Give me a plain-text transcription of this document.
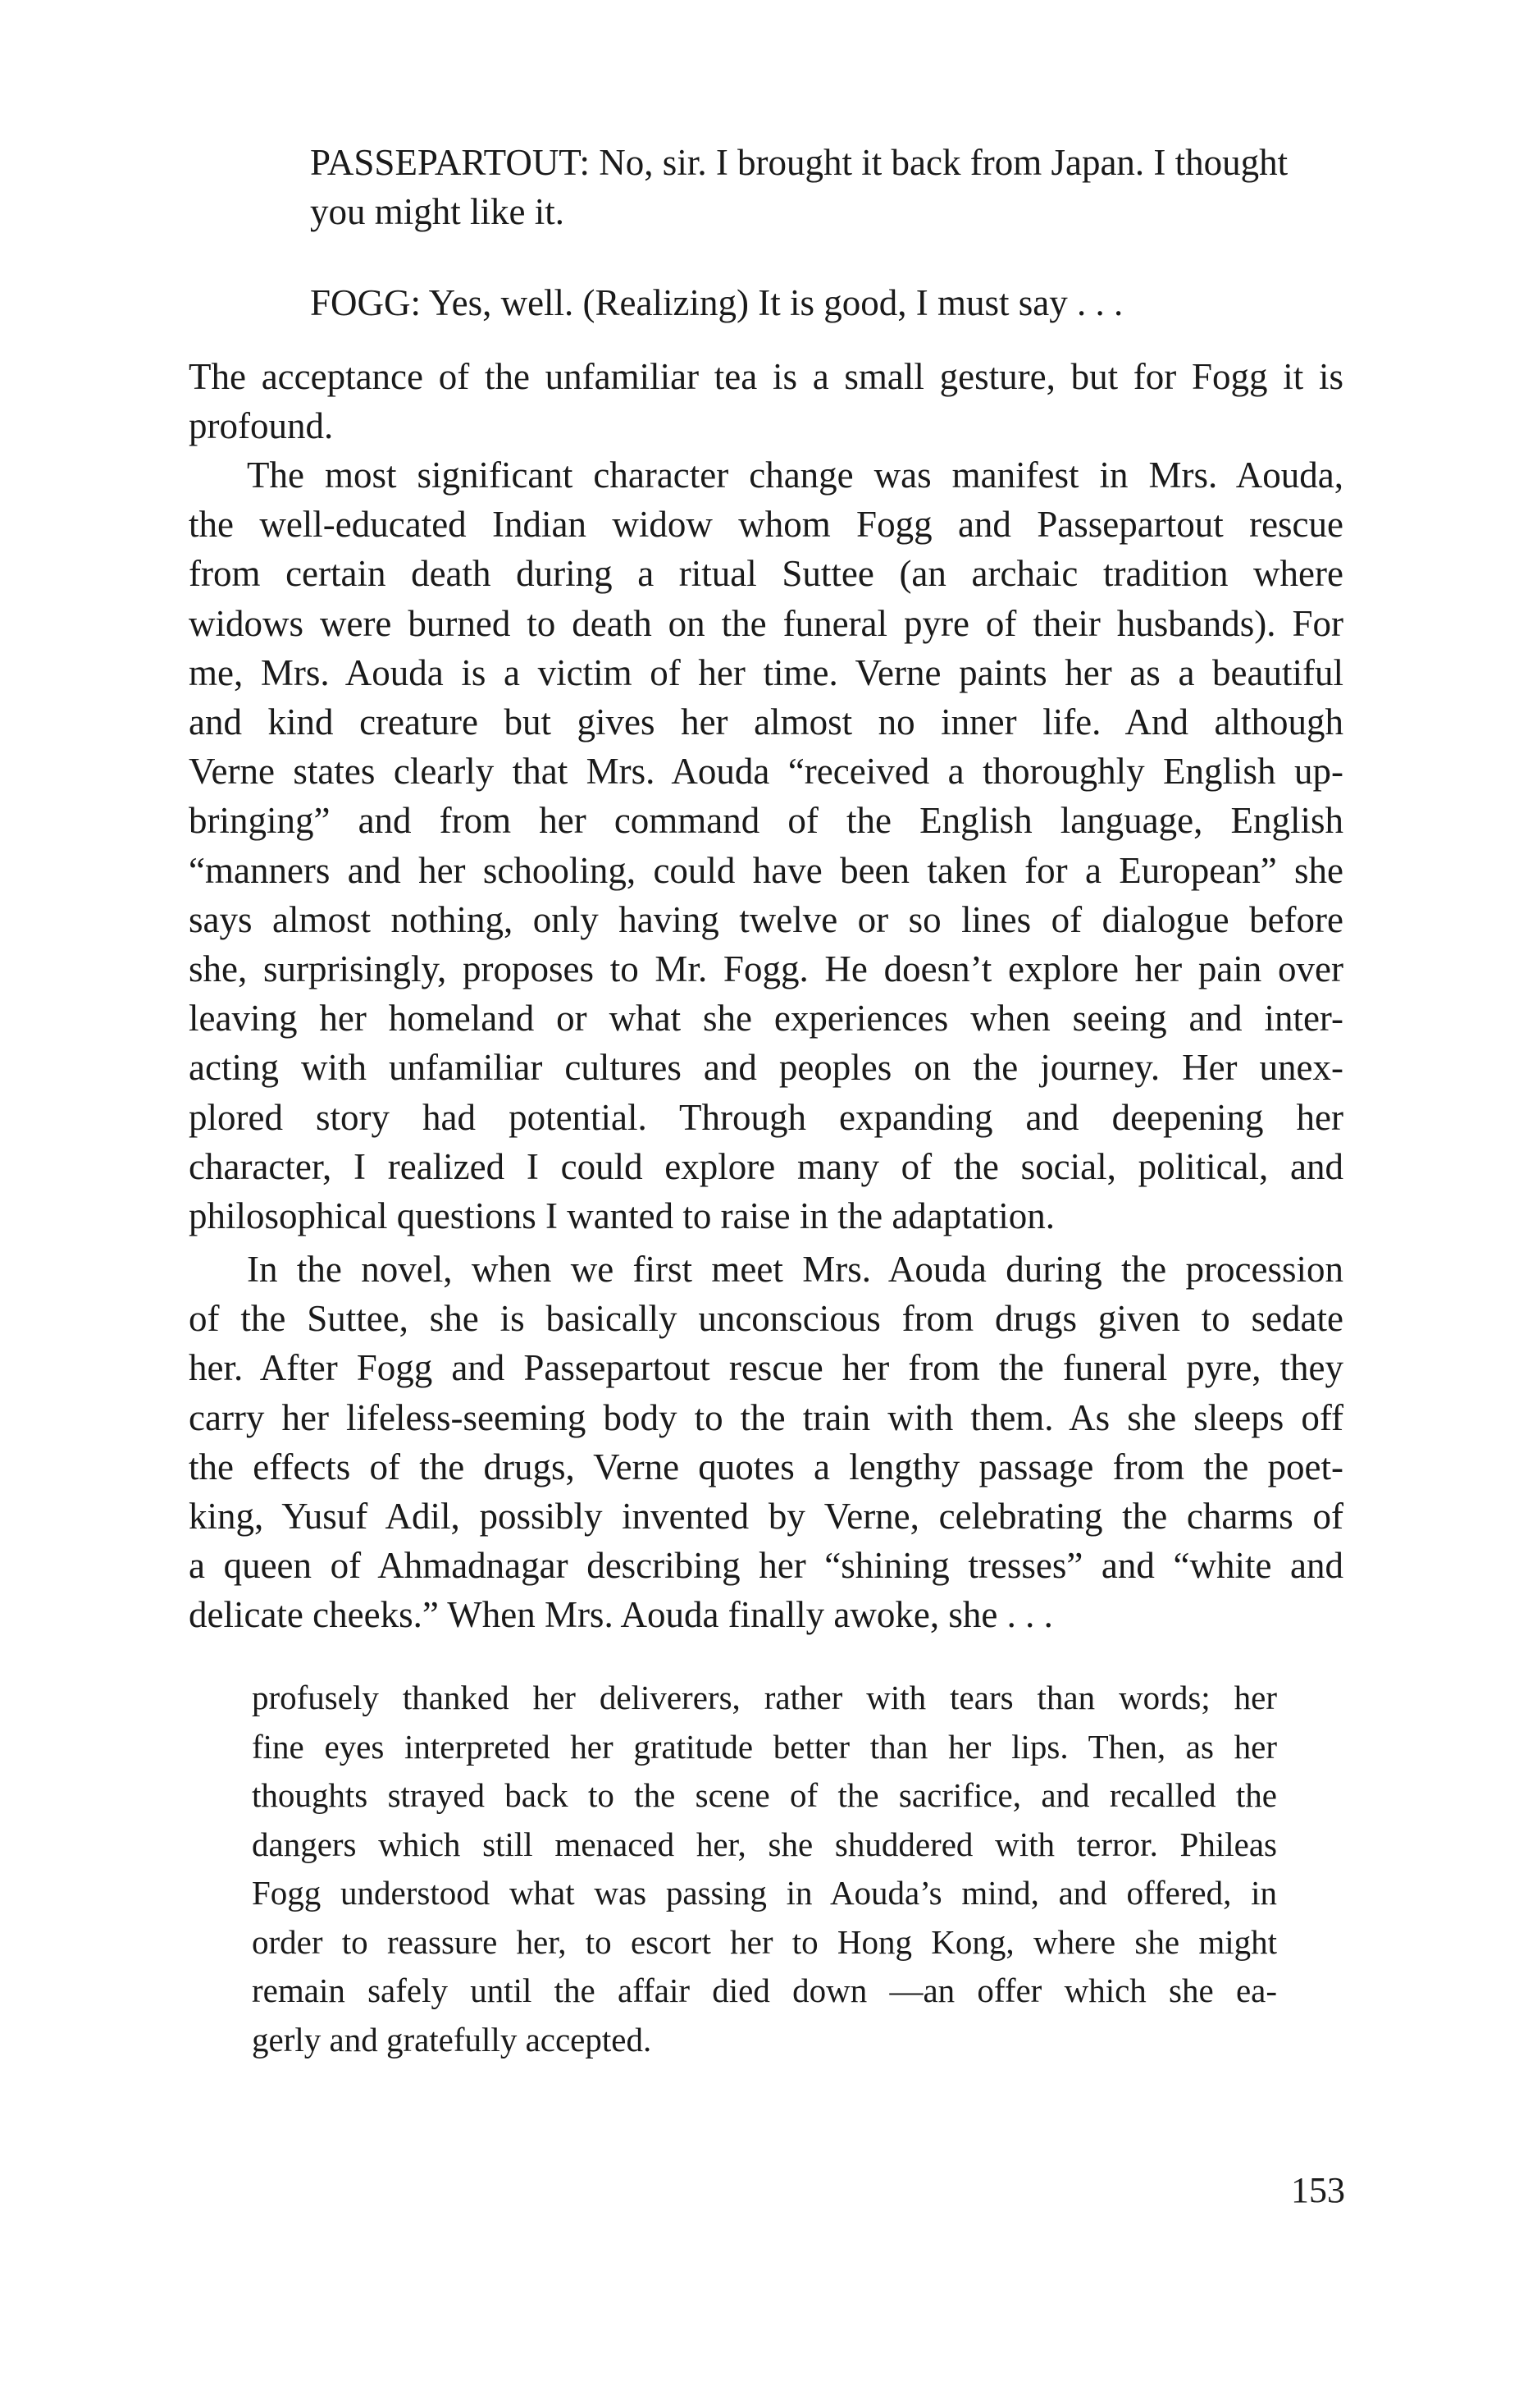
PASSEPARTOUT: No, sir. I brought it back from Japan. I thought
you might like it.
FOGG: Yes, well. (Realizing) It is good, I must say . . .
The acceptance of the unfamiliar tea is a small gesture, but for Fogg it is
profound.
The most significant character change was manifest in Mrs. Aouda,
the well-educated Indian widow whom Fogg and Passepartout rescue
from certain death during a ritual Suttee (an archaic tradition where
widows were burned to death on the funeral pyre of their husbands). For
me, Mrs. Aouda is a victim of her time. Verne paints her as a beautiful
and kind creature but gives her almost no inner life. And although
Verne states clearly that Mrs. Aouda “received a thoroughly English up-
bringing” and from her command of the English language, English
“manners and her schooling, could have been taken for a European” she
says almost nothing, only having twelve or so lines of dialogue before
she, surprisingly, proposes to Mr. Fogg. He doesn’t explore her pain over
leaving her homeland or what she experiences when seeing and inter-
acting with unfamiliar cultures and peoples on the journey. Her unex-
plored story had potential. Through expanding and deepening her
character, I realized I could explore many of the social, political, and
philosophical questions I wanted to raise in the adaptation.
In the novel, when we first meet Mrs. Aouda during the procession
of the Suttee, she is basically unconscious from drugs given to sedate
her. After Fogg and Passepartout rescue her from the funeral pyre, they
carry her lifeless-seeming body to the train with them. As she sleeps off
the effects of the drugs, Verne quotes a lengthy passage from the poet-
king, Yusuf Adil, possibly invented by Verne, celebrating the charms of
a queen of Ahmadnagar describing her “shining tresses” and “white and
delicate cheeks.” When Mrs. Aouda finally awoke, she . . .
profusely thanked her deliverers, rather with tears than words; her
fine eyes interpreted her gratitude better than her lips. Then, as her
thoughts strayed back to the scene of the sacrifice, and recalled the
dangers which still menaced her, she shuddered with terror. Phileas
Fogg understood what was passing in Aouda’s mind, and offered, in
order to reassure her, to escort her to Hong Kong, where she might
remain safely until the affair died down —an offer which she ea-
gerly and gratefully accepted.
153
